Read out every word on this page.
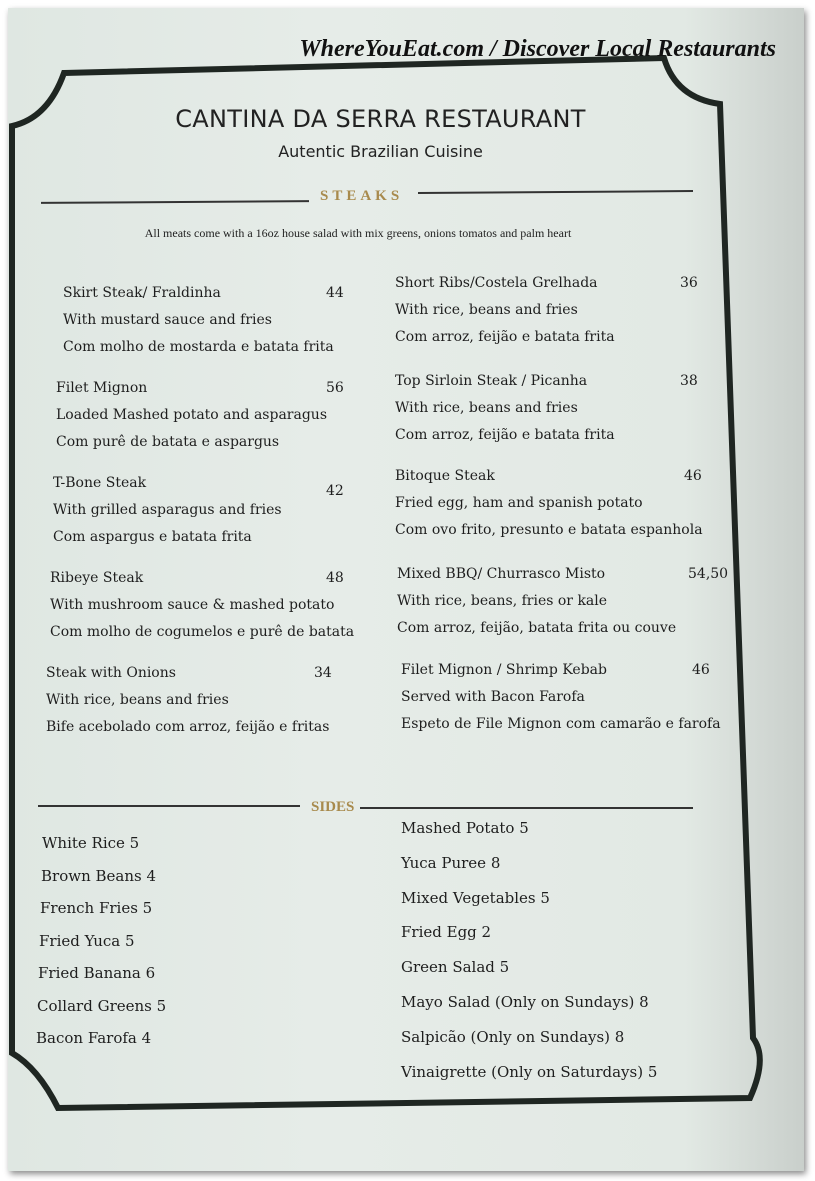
WhereYouEat.com / Discover Local Restaurants
CANTINA DA SERRA RESTAURANT
Autentic Brazilian Cuisine
STEAKS
All meats come with a 16oz house salad with mix greens, onions tomatos and palm heart
Skirt Steak/ Fraldinha
With mustard sauce and fries
Com molho de mostarda e batata frita
44
Filet Mignon
Loaded Mashed potato and asparagus
Com purê de batata e aspargus
56
T-Bone Steak
With grilled asparagus and fries
Com aspargus e batata frita
42
Ribeye Steak
With mushroom sauce & mashed potato
Com molho de cogumelos e purê de batata
48
Steak with Onions
With rice, beans and fries
Bife acebolado com arroz, feijão e fritas
34
Short Ribs/Costela Grelhada
With rice, beans and fries
Com arroz, feijão e batata frita
36
Top Sirloin Steak / Picanha
With rice, beans and fries
Com arroz, feijão e batata frita
38
Bitoque Steak
Fried egg, ham and spanish potato
Com ovo frito, presunto e batata espanhola
46
Mixed BBQ/ Churrasco Misto
With rice, beans, fries or kale
Com arroz, feijão, batata frita ou couve
54,50
Filet Mignon / Shrimp Kebab
Served with Bacon Farofa
Espeto de File Mignon com camarão e farofa
46
SIDES
White Rice 5
Brown Beans 4
French Fries 5
Fried Yuca 5
Fried Banana 6
Collard Greens 5
Bacon Farofa 4
Mashed Potato 5
Yuca Puree 8
Mixed Vegetables 5
Fried Egg 2
Green Salad 5
Mayo Salad (Only on Sundays) 8
Salpicão (Only on Sundays) 8
Vinaigrette (Only on Saturdays) 5
